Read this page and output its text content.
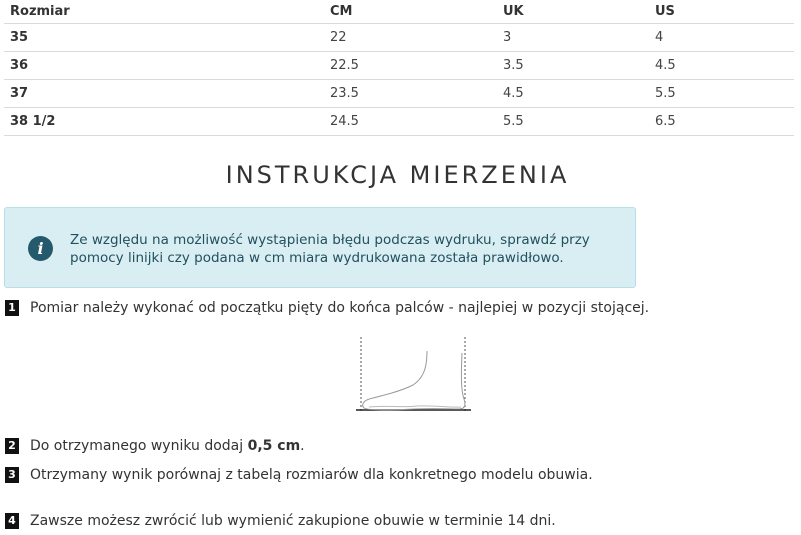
Rozmiar	CM	UK	US
35	22	3	4
36	22.5	3.5	4.5
37	23.5	4.5	5.5
38 1/2	24.5	5.5	6.5
INSTRUKCJA MIERZENIA
i	Ze względu na możliwość wystąpienia błędu podczas wydruku, sprawdź przy pomocy linijki czy podana w cm miara wydrukowana została prawidłowo.

1 Pomiar należy wykonać od początku pięty do końca palców - najlepiej w pozycji stojącej.
2 Do otrzymanego wyniku dodaj 0,5 cm.
3 Otrzymany wynik porównaj z tabelą rozmiarów dla konkretnego modelu obuwia.
4 Zawsze możesz zwrócić lub wymienić zakupione obuwie w terminie 14 dni.
